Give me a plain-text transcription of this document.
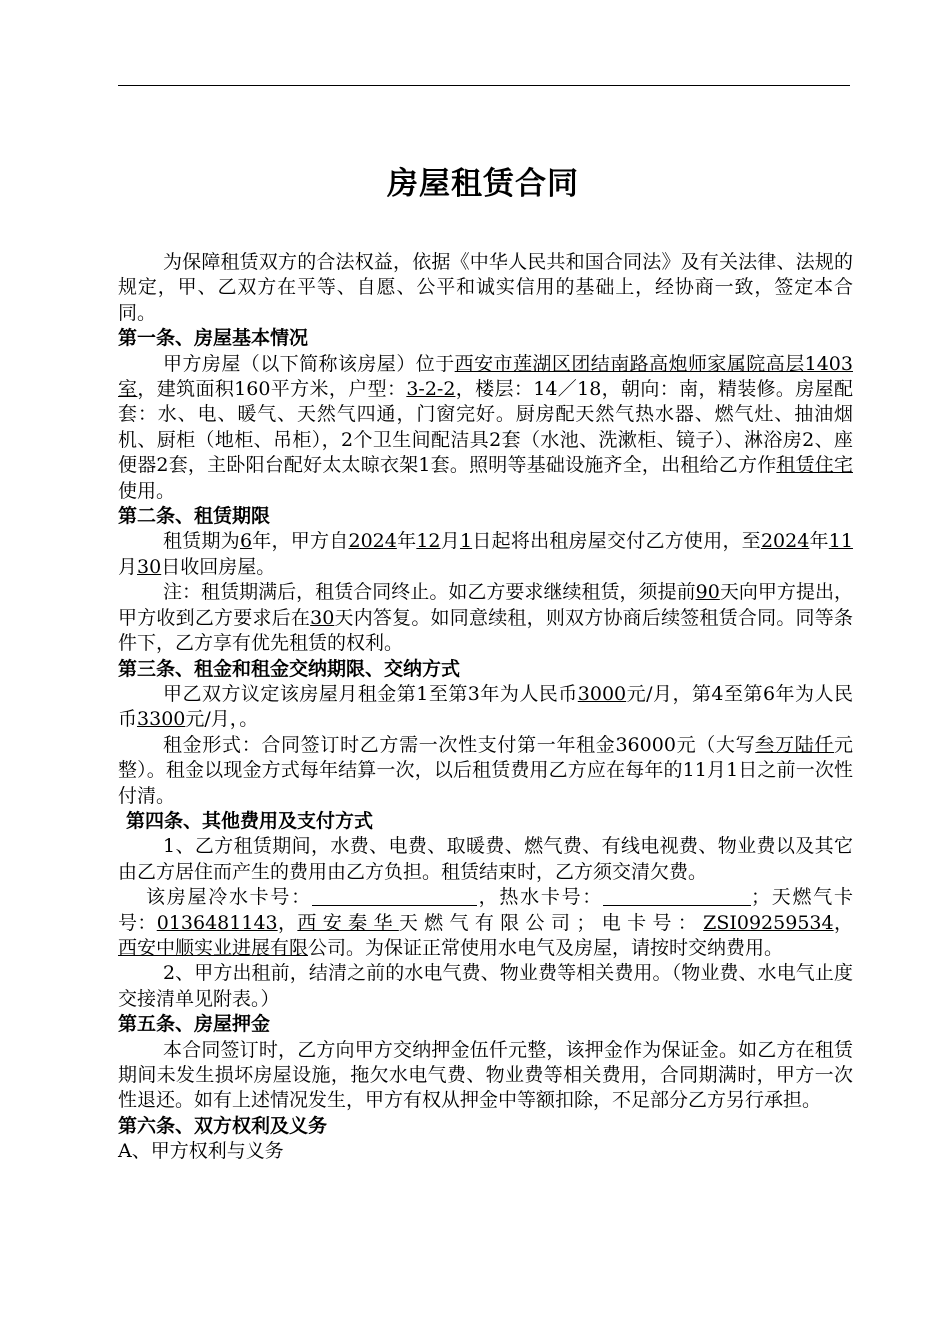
房屋租赁合同

为保障租赁双方的合法权益，依据《中华人民共和国合同法》及有关法律、法规的规定，甲、乙双方在平等、自愿、公平和诚实信用的基础上，经协商一致，签定本合同。

第一条、房屋基本情况

甲方房屋（以下简称该房屋）位于西安市莲湖区团结南路高炮师家属院高层1403室，建筑面积160平方米，户型：3-2-2，楼层：14／18，朝向：南，精装修。房屋配套：水、电、暖气、天然气四通，门窗完好。厨房配天然气热水器、燃气灶、抽油烟机、厨柜（地柜、吊柜），2个卫生间配洁具2套（水池、洗漱柜、镜子）、淋浴房2、座便器2套，主卧阳台配好太太晾衣架1套。照明等基础设施齐全，出租给乙方作租赁住宅使用。

第二条、租赁期限

租赁期为6年，甲方自2024年12月1日起将出租房屋交付乙方使用，至2024年11月30日收回房屋。

注：租赁期满后，租赁合同终止。如乙方要求继续租赁，须提前90天向甲方提出，甲方收到乙方要求后在30天内答复。如同意续租，则双方协商后续签租赁合同。同等条件下，乙方享有优先租赁的权利。

第三条、租金和租金交纳期限、交纳方式

甲乙双方议定该房屋月租金第1至第3年为人民币3000元/月，第4至第6年为人民币3300元/月，。

租金形式：合同签订时乙方需一次性支付第一年租金36000元（大写叁万陆仟元整）。租金以现金方式每年结算一次，以后租赁费用乙方应在每年的11月1日之前一次性付清。

第四条、其他费用及支付方式

1、乙方租赁期间，水费、电费、取暖费、燃气费、有线电视费、物业费以及其它由乙方居住而产生的费用由乙方负担。租赁结束时，乙方须交清欠费。

该房屋冷水卡号：	，热水卡号：	；天燃气卡号：0136481143，西安秦华天燃气有限公司；电卡号：ZSI09259534，西安中顺实业进展有限公司。为保证正常使用水电气及房屋，请按时交纳费用。

2、甲方出租前，结清之前的水电气费、物业费等相关费用。（物业费、水电气止度交接清单见附表。）

第五条、房屋押金

本合同签订时，乙方向甲方交纳押金伍仟元整，该押金作为保证金。如乙方在租赁期间未发生损坏房屋设施，拖欠水电气费、物业费等相关费用，合同期满时，甲方一次性退还。如有上述情况发生，甲方有权从押金中等额扣除，不足部分乙方另行承担。

第六条、双方权利及义务

A、甲方权利与义务
